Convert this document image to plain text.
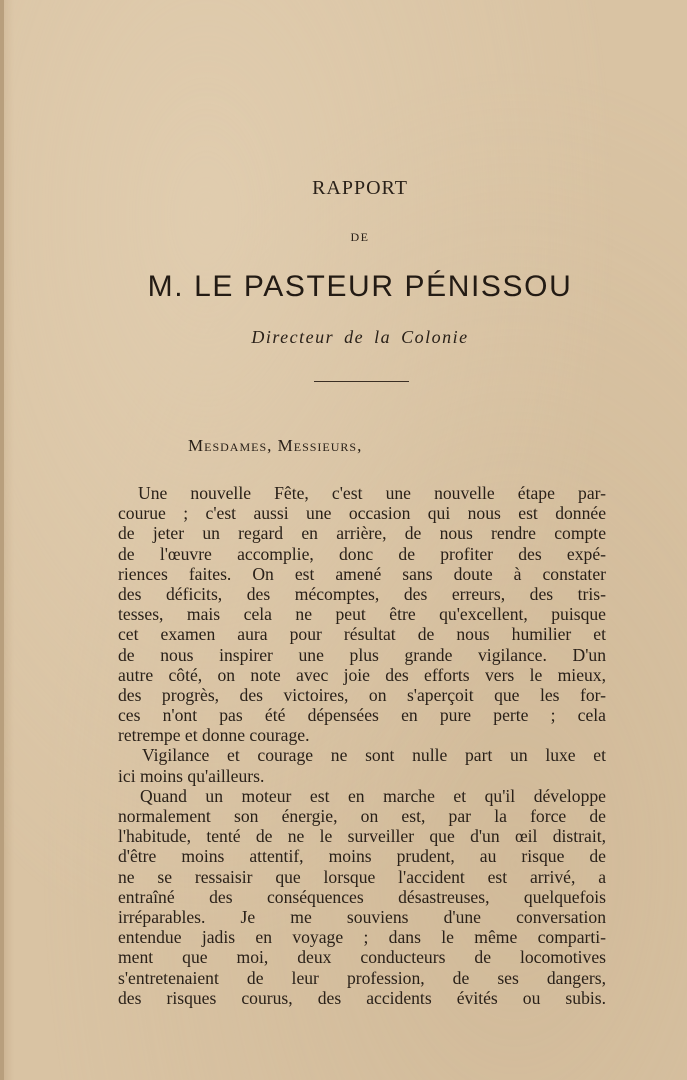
RAPPORT
DE
M. LE PASTEUR PÉNISSOU
Directeur de la Colonie
Mesdames, Messieurs,
Une nouvelle Fête, c'est une nouvelle étape par-
courue ; c'est aussi une occasion qui nous est donnée
de jeter un regard en arrière, de nous rendre compte
de l'œuvre accomplie, donc de profiter des expé-
riences faites. On est amené sans doute à constater
des déficits, des mécomptes, des erreurs, des tris-
tesses, mais cela ne peut être qu'excellent, puisque
cet examen aura pour résultat de nous humilier et
de nous inspirer une plus grande vigilance. D'un
autre côté, on note avec joie des efforts vers le mieux,
des progrès, des victoires, on s'aperçoit que les for-
ces n'ont pas été dépensées en pure perte ; cela
retrempe et donne courage.
Vigilance et courage ne sont nulle part un luxe et
ici moins qu'ailleurs.
Quand un moteur est en marche et qu'il développe
normalement son énergie, on est, par la force de
l'habitude, tenté de ne le surveiller que d'un œil distrait,
d'être moins attentif, moins prudent, au risque de
ne se ressaisir que lorsque l'accident est arrivé, a
entraîné des conséquences désastreuses, quelquefois
irréparables. Je me souviens d'une conversation
entendue jadis en voyage ; dans le même comparti-
ment que moi, deux conducteurs de locomotives
s'entretenaient de leur profession, de ses dangers,
des risques courus, des accidents évités ou subis.
